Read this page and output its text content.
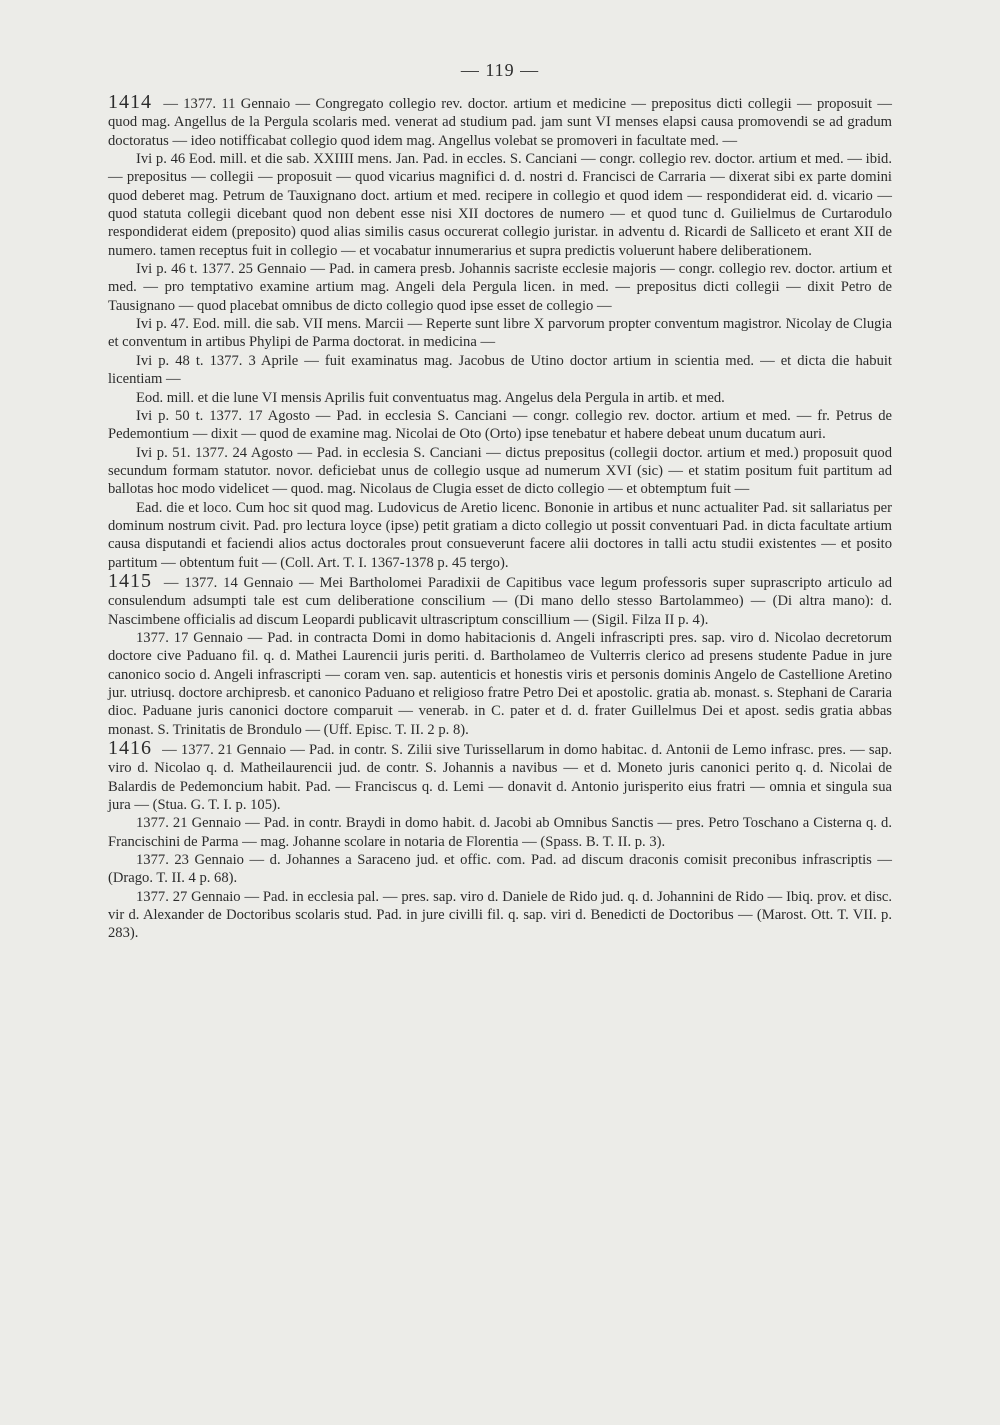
— 119 —

1414 — 1377. 11 Gennaio — Congregato collegio rev. doctor. artium et medicine — prepositus dicti collegii — proposuit — quod mag. Angellus de la Pergula scolaris med. venerat ad studium pad. jam sunt VI menses elapsi causa promovendi se ad gradum doctoratus — ideo notifficabat collegio quod idem mag. Angellus volebat se promoveri in facultate med. —

Ivi p. 46 Eod. mill. et die sab. XXIIII mens. Jan. Pad. in eccles. S. Canciani — congr. collegio rev. doctor. artium et med. — ibid. — prepositus — collegii — proposuit — quod vicarius magnifici d. d. nostri d. Francisci de Carraria — dixerat sibi ex parte domini quod deberet mag. Petrum de Tauxignano doct. artium et med. recipere in collegio et quod idem — respondiderat eid. d. vicario — quod statuta collegii dicebant quod non debent esse nisi XII doctores de numero — et quod tunc d. Guilielmus de Curtarodulo respondiderat eidem (preposito) quod alias similis casus occurerat collegio juristar. in adventu d. Ricardi de Salliceto et erant XII de numero. tamen receptus fuit in collegio — et vocabatur innumerarius et supra predictis voluerunt habere deliberationem.

Ivi p. 46 t. 1377. 25 Gennaio — Pad. in camera presb. Johannis sacriste ecclesie majoris — congr. collegio rev. doctor. artium et med. — pro temptativo examine artium mag. Angeli dela Pergula licen. in med. — prepositus dicti collegii — dixit Petro de Tausignano — quod placebat omnibus de dicto collegio quod ipse esset de collegio —

Ivi p. 47. Eod. mill. die sab. VII mens. Marcii — Reperte sunt libre X parvorum propter conventum magistror. Nicolay de Clugia et conventum in artibus Phylipi de Parma doctorat. in medicina —

Ivi p. 48 t. 1377. 3 Aprile — fuit examinatus mag. Jacobus de Utino doctor artium in scientia med. — et dicta die habuit licentiam —

Eod. mill. et die lune VI mensis Aprilis fuit conventuatus mag. Angelus dela Pergula in artib. et med.

Ivi p. 50 t. 1377. 17 Agosto — Pad. in ecclesia S. Canciani — congr. collegio rev. doctor. artium et med. — fr. Petrus de Pedemontium — dixit — quod de examine mag. Nicolai de Oto (Orto) ipse tenebatur et habere debeat unum ducatum auri.

Ivi p. 51. 1377. 24 Agosto — Pad. in ecclesia S. Canciani — dictus prepositus (collegii doctor. artium et med.) proposuit quod secundum formam statutor. novor. deficiebat unus de collegio usque ad numerum XVI (sic) — et statim positum fuit partitum ad ballotas hoc modo videlicet — quod. mag. Nicolaus de Clugia esset de dicto collegio — et obtemptum fuit —

Ead. die et loco. Cum hoc sit quod mag. Ludovicus de Aretio licenc. Bononie in artibus et nunc actualiter Pad. sit sallariatus per dominum nostrum civit. Pad. pro lectura loyce (ipse) petit gratiam a dicto collegio ut possit conventuari Pad. in dicta facultate artium causa disputandi et faciendi alios actus doctorales prout consueverunt facere alii doctores in talli actu studii existentes — et posito partitum — obtentum fuit — (Coll. Art. T. I. 1367-1378 p. 45 tergo).

1415 — 1377. 14 Gennaio — Mei Bartholomei Paradixii de Capitibus vace legum professoris super suprascripto articulo ad consulendum adsumpti tale est cum deliberatione conscilium — (Di mano dello stesso Bartolammeo) — (Di altra mano): d. Nascimbene officialis ad discum Leopardi publicavit ultrascriptum conscillium — (Sigil. Filza II p. 4).

1377. 17 Gennaio — Pad. in contracta Domi in domo habitacionis d. Angeli infrascripti pres. sap. viro d. Nicolao decretorum doctore cive Paduano fil. q. d. Mathei Laurencii juris periti. d. Bartholameo de Vulterris clerico ad presens studente Padue in jure canonico socio d. Angeli infrascripti — coram ven. sap. autenticis et honestis viris et personis dominis Angelo de Castellione Aretino jur. utriusq. doctore archipresb. et canonico Paduano et religioso fratre Petro Dei et apostolic. gratia ab. monast. s. Stephani de Cararia dioc. Paduane juris canonici doctore comparuit — venerab. in C. pater et d. d. frater Guillelmus Dei et apost. sedis gratia abbas monast. S. Trinitatis de Brondulo — (Uff. Episc. T. II. 2 p. 8).

1416 — 1377. 21 Gennaio — Pad. in contr. S. Zilii sive Turissellarum in domo habitac. d. Antonii de Lemo infrasc. pres. — sap. viro d. Nicolao q. d. Matheilaurencii jud. de contr. S. Johannis a navibus — et d. Moneto juris canonici perito q. d. Nicolai de Balardis de Pedemoncium habit. Pad. — Franciscus q. d. Lemi — donavit d. Antonio jurisperito eius fratri — omnia et singula sua jura — (Stua. G. T. I. p. 105).

1377. 21 Gennaio — Pad. in contr. Braydi in domo habit. d. Jacobi ab Omnibus Sanctis — pres. Petro Toschano a Cisterna q. d. Francischini de Parma — mag. Johanne scolare in notaria de Florentia — (Spass. B. T. II. p. 3).

1377. 23 Gennaio — d. Johannes a Saraceno jud. et offic. com. Pad. ad discum draconis comisit preconibus infrascriptis — (Drago. T. II. 4 p. 68).

1377. 27 Gennaio — Pad. in ecclesia pal. — pres. sap. viro d. Daniele de Rido jud. q. d. Johannini de Rido — Ibiq. prov. et disc. vir d. Alexander de Doctoribus scolaris stud. Pad. in jure civilli fil. q. sap. viri d. Benedicti de Doctoribus — (Marost. Ott. T. VII. p. 283).
